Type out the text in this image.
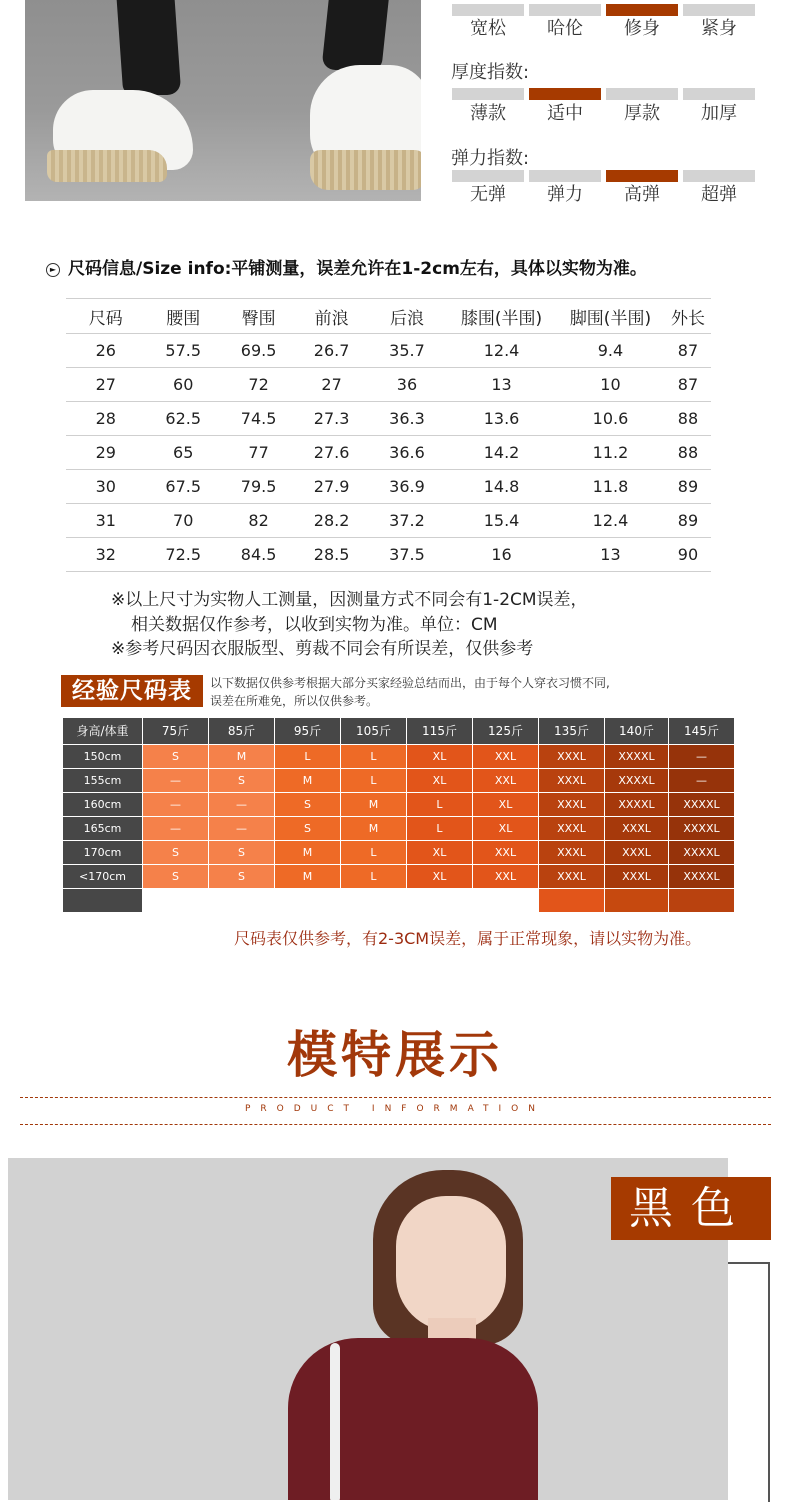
宽松	哈伦	修身	紧身
厚度指数:
薄款	适中	厚款	加厚
弹力指数:
无弹	弹力	高弹	超弹
► 尺码信息/Size info:平铺测量，误差允许在1-2cm左右，具体以实物为准。
尺码	腰围	臀围	前浪	后浪	膝围(半围)	脚围(半围)	外长
26	57.5	69.5	26.7	35.7	12.4	9.4	87
27	60	72	27	36	13	10	87
28	62.5	74.5	27.3	36.3	13.6	10.6	88
29	65	77	27.6	36.6	14.2	11.2	88
30	67.5	79.5	27.9	36.9	14.8	11.8	89
31	70	82	28.2	37.2	15.4	12.4	89
32	72.5	84.5	28.5	37.5	16	13	90
※以上尺寸为实物人工测量，因测量方式不同会有1-2CM误差，
相关数据仅作参考，以收到实物为准。单位：CM
※参考尺码因衣服版型、剪裁不同会有所误差，仅供参考
经验尺码表	以下数据仅供参考根据大部分买家经验总结而出，由于每个人穿衣习惯不同,
误差在所难免，所以仅供参考。
身高/体重	75斤	85斤	95斤	105斤	115斤	125斤	135斤	140斤	145斤
150cm	S	M	L	L	XL	XXL	XXXL	XXXXL	—
155cm	—	S	M	L	XL	XXL	XXXL	XXXXL	—
160cm	—	—	S	M	L	XL	XXXL	XXXXL	XXXXL
165cm	—	—	S	M	L	XL	XXXL	XXXL	XXXXL
170cm	S	S	M	L	XL	XXL	XXXL	XXXL	XXXXL
<170cm	S	S	M	L	XL	XXL	XXXL	XXXL	XXXXL
尺码表仅供参考，有2-3CM误差，属于正常现象，请以实物为准。
模特展示
PRODUCT INFORMATION
黑色
